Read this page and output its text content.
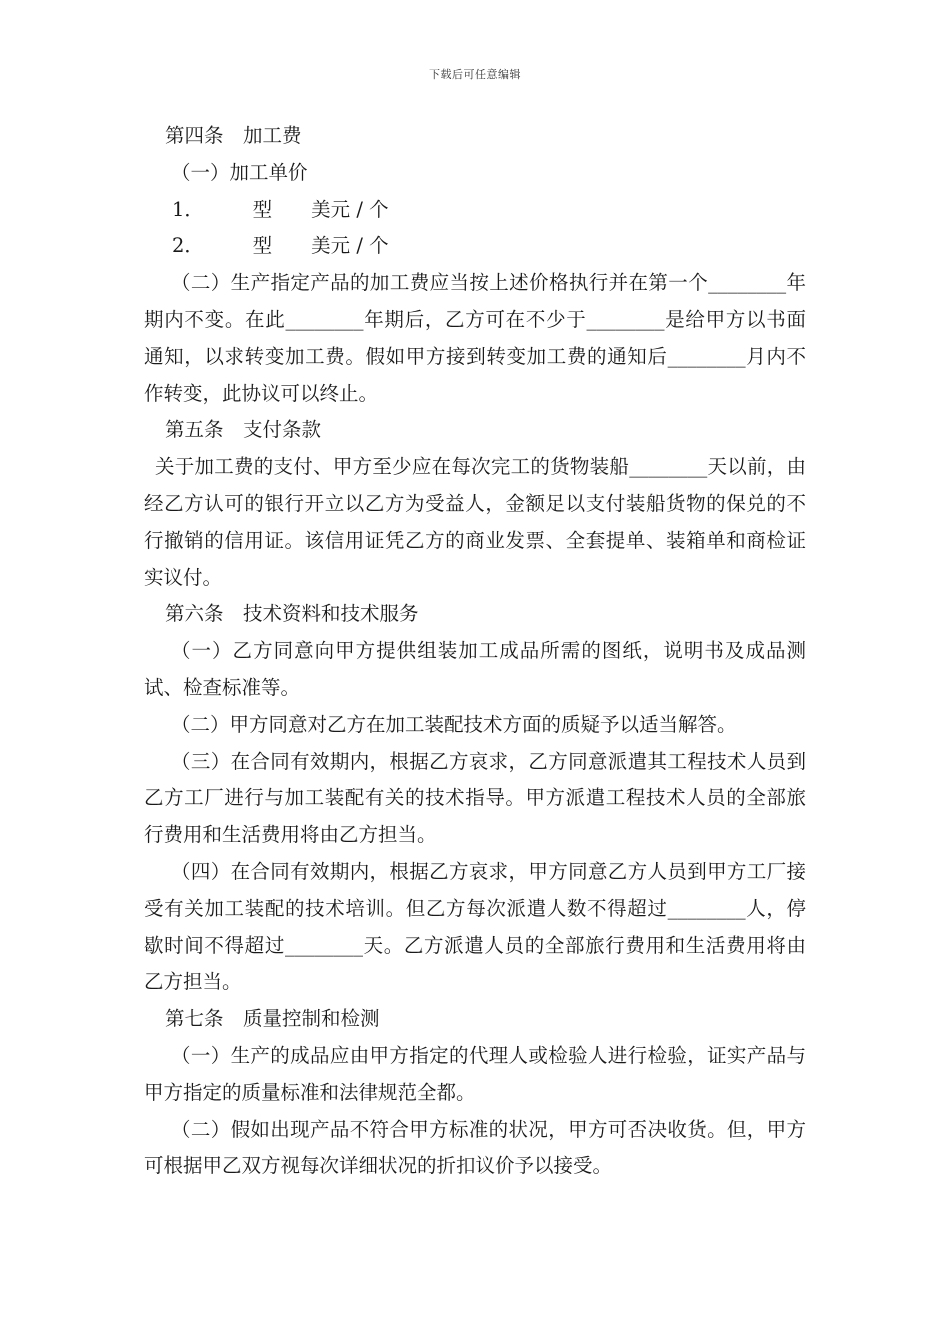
下载后可任意编辑
第四条　加工费
（一）加工单价
1．　　　型　　美元 / 个
2．　　　型　　美元 / 个
（二）生产指定产品的加工费应当按上述价格执行并在第一个________年期内不变。在此________年期后，乙方可在不少于________是给甲方以书面通知，以求转变加工费。假如甲方接到转变加工费的通知后________月内不作转变，此协议可以终止。
第五条　支付条款
关于加工费的支付、甲方至少应在每次完工的货物装船________天以前，由经乙方认可的银行开立以乙方为受益人，金额足以支付装船货物的保兑的不行撤销的信用证。该信用证凭乙方的商业发票、全套提单、装箱单和商检证实议付。
第六条　技术资料和技术服务
（一）乙方同意向甲方提供组装加工成品所需的图纸，说明书及成品测试、检查标准等。
（二）甲方同意对乙方在加工装配技术方面的质疑予以适当解答。
（三）在合同有效期内，根据乙方哀求，乙方同意派遣其工程技术人员到乙方工厂进行与加工装配有关的技术指导。甲方派遣工程技术人员的全部旅行费用和生活费用将由乙方担当。
（四）在合同有效期内，根据乙方哀求，甲方同意乙方人员到甲方工厂接受有关加工装配的技术培训。但乙方每次派遣人数不得超过________人，停歇时间不得超过________天。乙方派遣人员的全部旅行费用和生活费用将由乙方担当。
第七条　质量控制和检测
（一）生产的成品应由甲方指定的代理人或检验人进行检验，证实产品与甲方指定的质量标准和法律规范全都。
（二）假如出现产品不符合甲方标准的状况，甲方可否决收货。但，甲方可根据甲乙双方视每次详细状况的折扣议价予以接受。
